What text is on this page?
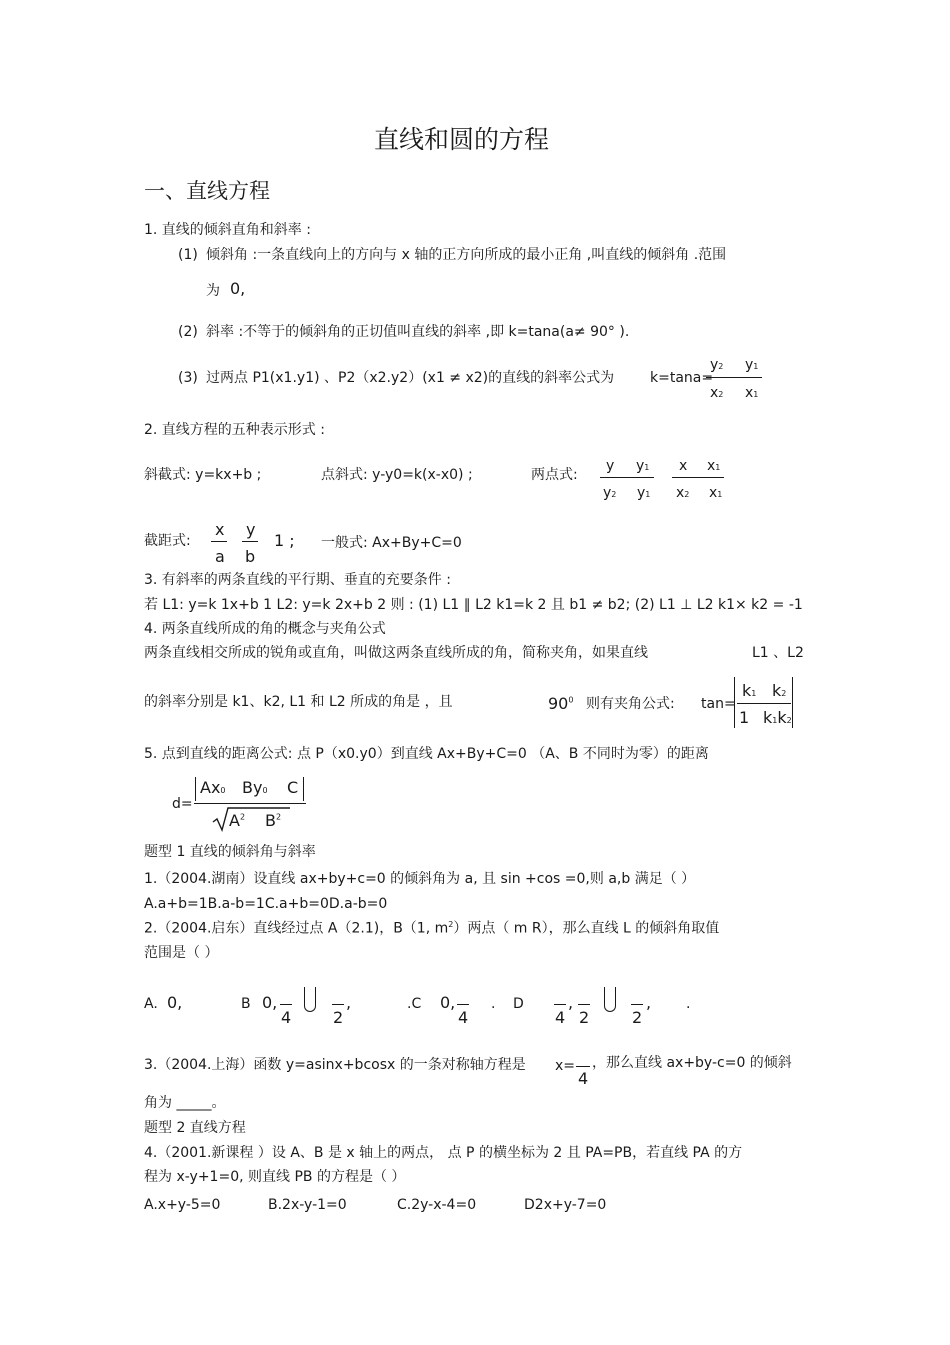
直线和圆的方程
一、直线方程
1. 直线的倾斜直角和斜率 :
(1) 倾斜角 :一条直线向上的方向与 x 轴的正方向所成的最小正角 ,叫直线的倾斜角 .范围
为 0,
(2) 斜率 :不等于的倾斜角的正切值叫直线的斜率 ,即 k=tana(a≠ 90° ).
(3) 过两点 P1(x1.y1) 、P2（x2.y2）(x1 ≠ x2)的直线的斜率公式为	k=tana=
y2 y1
x2 x1
2. 直线方程的五种表示形式 :
斜截式: y=kx+b ;	点斜式: y-y0=k(x-x0) ;	两点式:
y y1
y2 y1
x x1
x2 x1
截距式:
x
a
y
b
1 ; 一般式: Ax+By+C=0
3. 有斜率的两条直线的平行期、垂直的充要条件 :
若 L1: y=k 1x+b 1 L2: y=k 2x+b 2 则 : (1) L1 ∥ L2 k1=k 2 且 b1 ≠ b2; (2) L1 ⊥ L2 k1× k2 = -1
4. 两条直线所成的角的概念与夹角公式
两条直线相交所成的锐角或直角，叫做这两条直线所成的角，简称夹角，如果直线	L1 、L2
的斜率分别是 k1、k2, L1 和 L2 所成的角是 ，且	$90^0$ 则有夹角公式: tan=
k1 k2
1 k1k2
5. 点到直线的距离公式: 点 P（x0.y0）到直线 Ax+By+C=0 （A、B 不同时为零）的距离
d=
Ax0 By0 C
$A^2$ $B^2$
题型 1 直线的倾斜角与斜率
1.（2004.湖南）设直线 ax+by+c=0 的倾斜角为 a, 且 sin +cos =0,则 a,b 满足（ ）
A.a+b=1B.a-b=1C.a+b=0D.a-b=0
2.（2004.启东）直线经过点 A（2.1)，B（1, $m^2$）两点（ m R），那么直线 L 的倾斜角取值
范围是（ ）
A. 0,	B 0,
4	2
,	.C 0,
4
. D
4
,
2	2
, .
3.（2004.上海）函数 y=asinx+bcosx 的一条对称轴方程是 x=
4
，那么直线 ax+by-c=0 的倾斜
角为 _____。
题型 2 直线方程
4.（2001.新课程 ）设 A、B 是 x 轴上的两点， 点 P 的横坐标为 2 且 PA=PB，若直线 PA 的方
程为 x-y+1=0, 则直线 PB 的方程是（ ）
A.x+y-5=0	B.2x-y-1=0	C.2y-x-4=0	D2x+y-7=0
